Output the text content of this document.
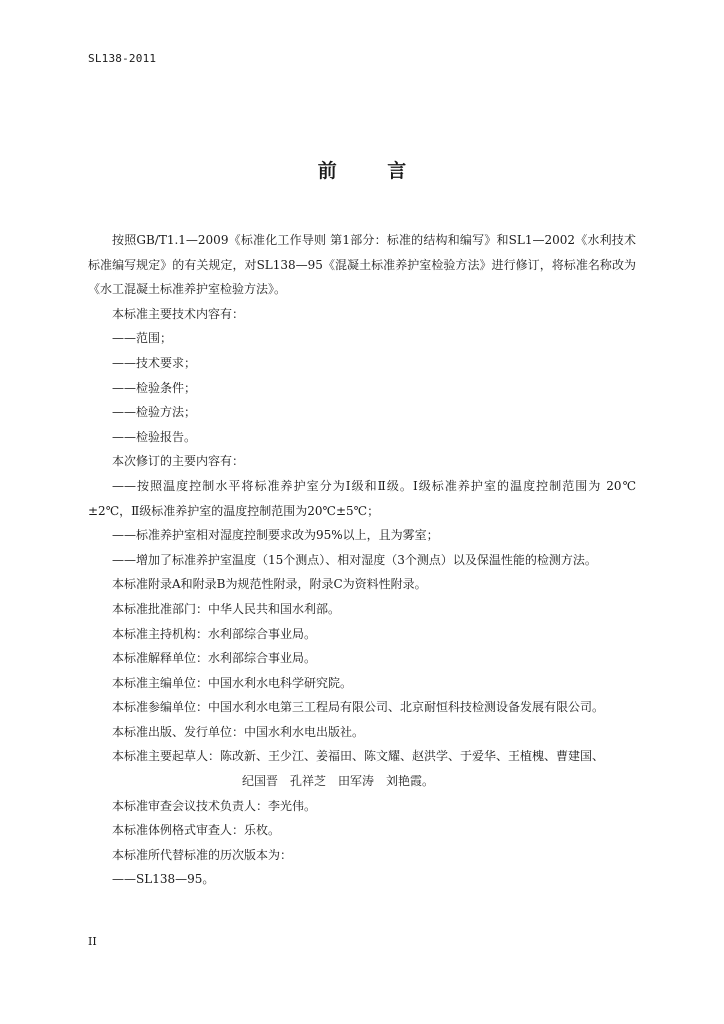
SL138-2011
前 言

按照GB/T1.1—2009《标准化工作导则 第1部分：标准的结构和编写》和SL1—2002《水利技术标准编写规定》的有关规定，对SL138—95《混凝土标准养护室检验方法》进行修订，将标准名称改为《水工混凝土标准养护室检验方法》。

本标准主要技术内容有：

——范围；

——技术要求；

——检验条件；

——检验方法；

——检验报告。

本次修订的主要内容有：

——按照温度控制水平将标准养护室分为Ⅰ级和Ⅱ级。Ⅰ级标准养护室的温度控制范围为 20℃±2℃，Ⅱ级标准养护室的温度控制范围为20℃±5℃；

——标准养护室相对湿度控制要求改为95%以上，且为雾室；

——增加了标准养护室温度（15个测点）、相对湿度（3个测点）以及保温性能的检测方法。

本标准附录A和附录B为规范性附录，附录C为资料性附录。

本标准批准部门：中华人民共和国水利部。

本标准主持机构：水利部综合事业局。

本标准解释单位：水利部综合事业局。

本标准主编单位：中国水利水电科学研究院。

本标准参编单位：中国水利水电第三工程局有限公司、北京耐恒科技检测设备发展有限公司。

本标准出版、发行单位：中国水利水电出版社。

本标准主要起草人：陈改新、王少江、姜福田、陈文耀、赵洪学、于爱华、王植槐、曹建国、

纪国晋　孔祥芝　田军涛　刘艳霞。

本标准审查会议技术负责人：李光伟。

本标准体例格式审查人：乐枚。

本标准所代替标准的历次版本为：

——SL138—95。

II
